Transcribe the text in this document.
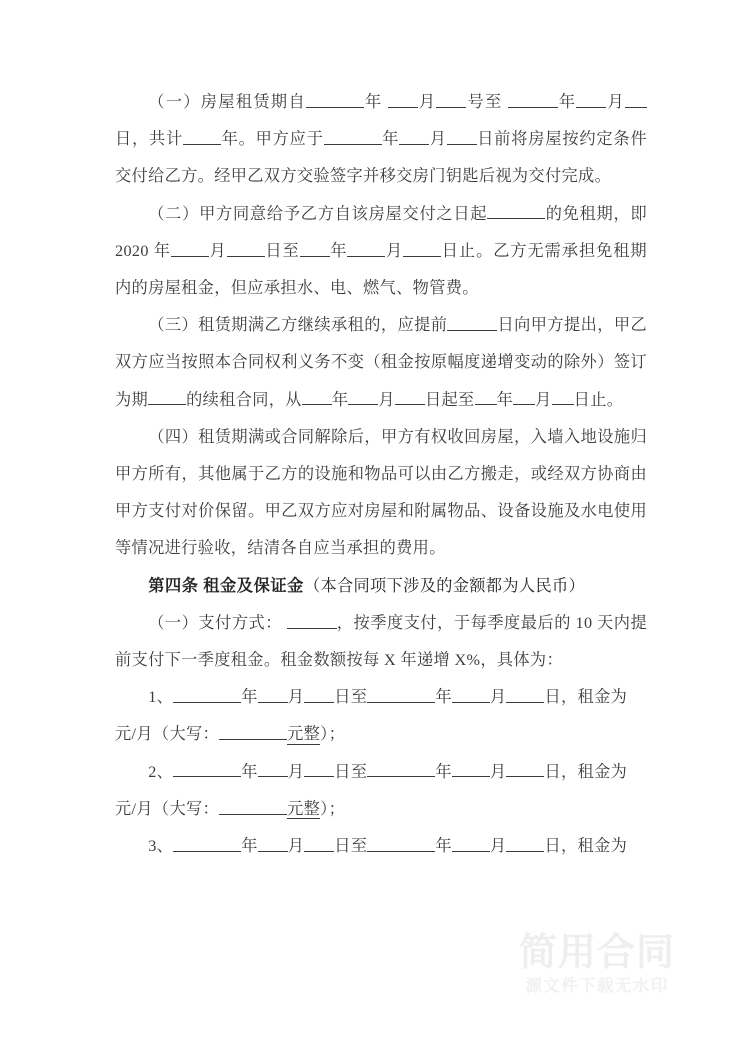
（一）房屋租赁期自	年 月 号至	年 月日，共计 年。甲方应于	年 月 日前将房屋按约定条件交付给乙方。经甲乙双方交验签字并移交房门钥匙后视为交付完成。

（二）甲方同意给予乙方自该房屋交付之日起	的免租期，即 2020 年 月 日至 年 月 日止。乙方无需承担免租期内的房屋租金，但应承担水、电、燃气、物管费。

（三）租赁期满乙方继续承租的，应提前	日向甲方提出，甲乙双方应当按照本合同权利义务不变（租金按原幅度递增变动的除外）签订为期 的续租合同，从 年 月 日起至 年 月 日止。

（四）租赁期满或合同解除后，甲方有权收回房屋，入墙入地设施归甲方所有，其他属于乙方的设施和物品可以由乙方搬走，或经双方协商由甲方支付对价保留。甲乙双方应对房屋和附属物品、设备设施及水电使用等情况进行验收，结清各自应当承担的费用。

第四条 租金及保证金（本合同项下涉及的金额都为人民币）

（一）支付方式：	，按季度支付，于每季度最后的 10 天内提前支付下一季度租金。租金数额按每 X 年递增 X%，具体为：

1、	年 月 日至	年 月 日，租金为

元/月（大写：	元整）；

2、	年 月 日至	年 月 日，租金为

元/月（大写：	元整）；

3、	年 月 日至	年 月 日，租金为

简用合同
源文件下载无水印
